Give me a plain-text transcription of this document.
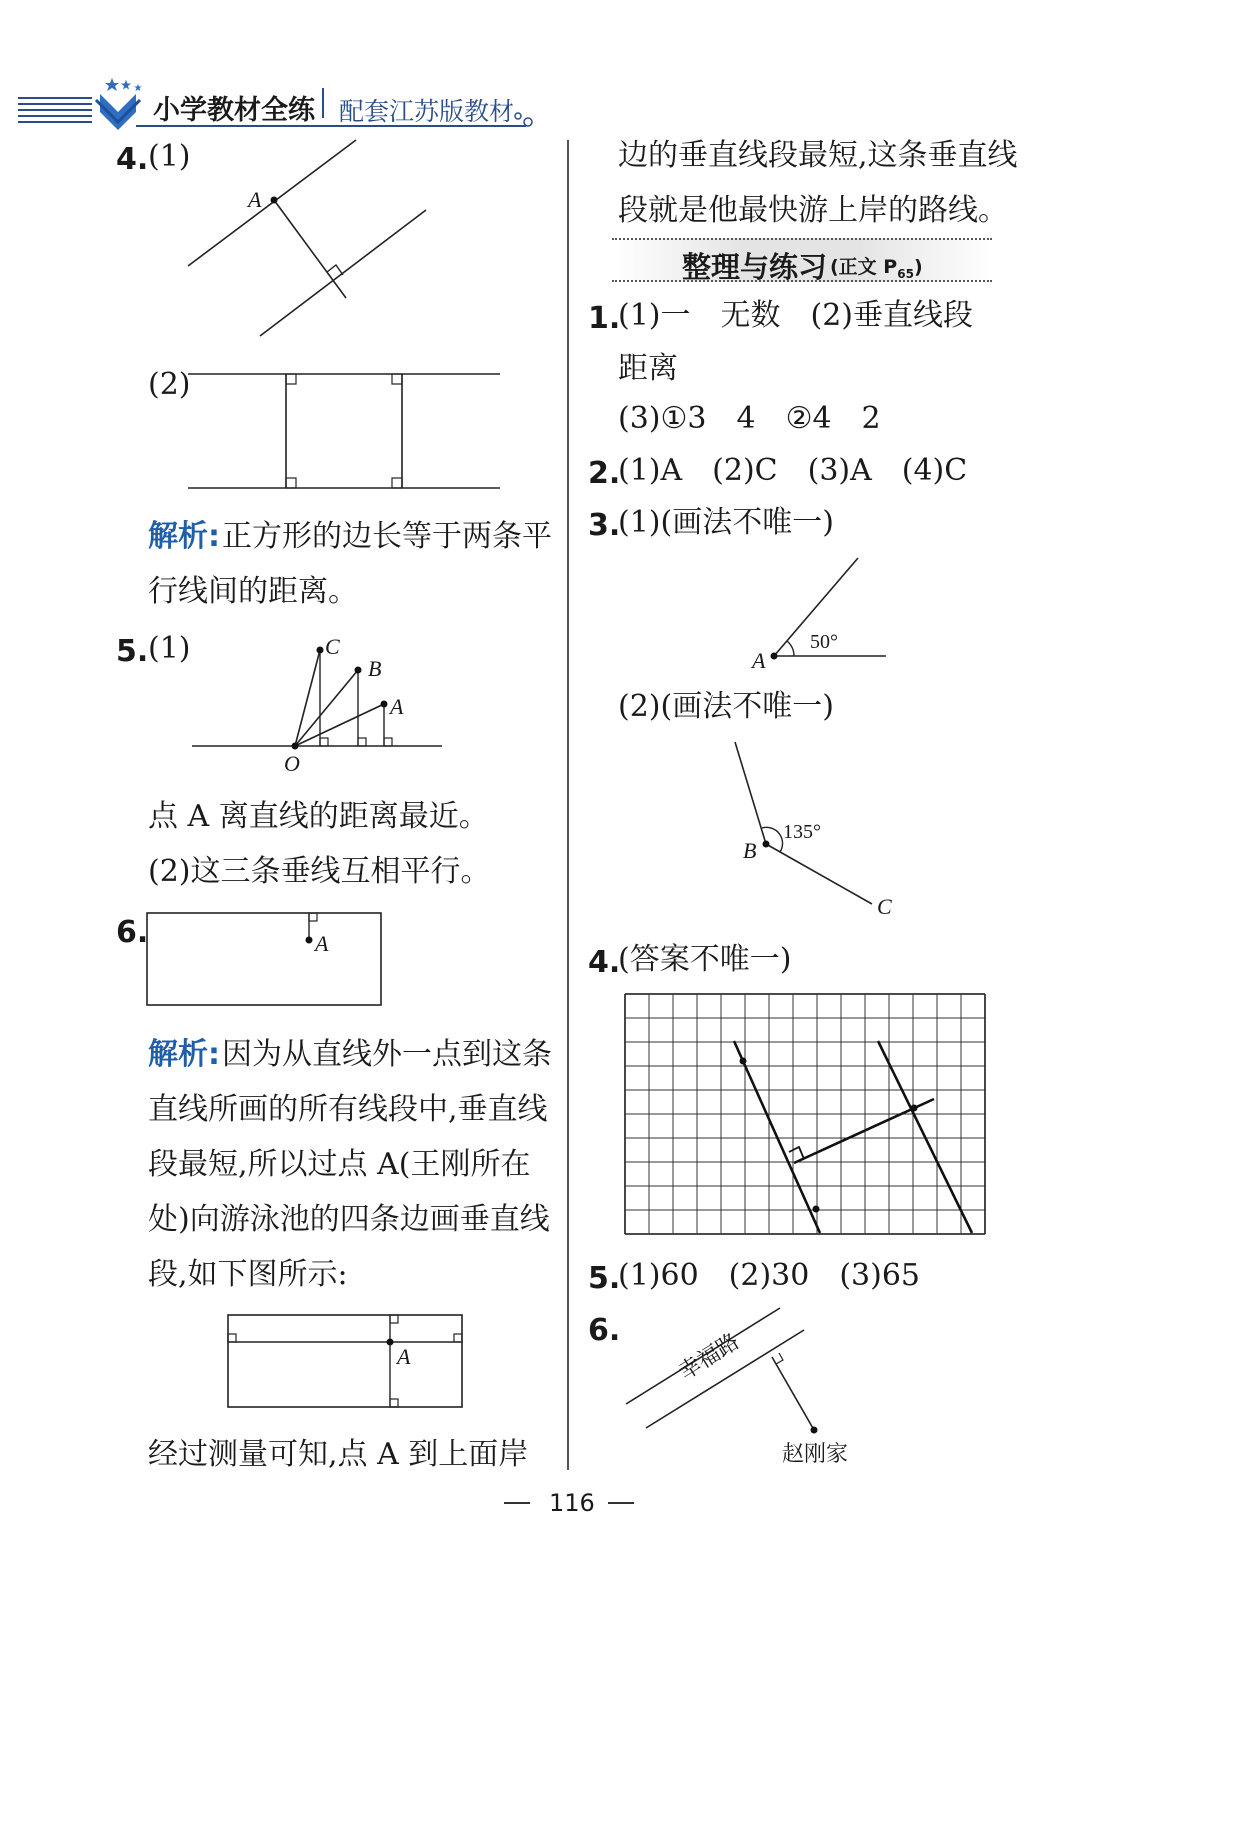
小学教材全练 配套江苏版教材
4. (1)
A
(2)
解析: 正方形的边长等于两条平
行线间的距离。
5. (1)	C
B
A
O
点 A 离直线的距离最近。
(2)这三条垂线互相平行。
6.	A
解析: 因为从直线外一点到这条
直线所画的所有线段中,垂直线
段最短,所以过点 A(王刚所在
处)向游泳池的四条边画垂直线
段,如下图所示:
A
经过测量可知,点 A 到上面岸
边的垂直线段最短,这条垂直线
段就是他最快游上岸的路线。
整理与练习 (正文 $P_{65}$)
1.
(1)一　无数　(2)垂直线段
距离
(3)①3　4　②4　2
2.
(1)A　(2)C　(3)A　(4)C
3.
(1)(画法不唯一)
50°
A
(2)(画法不唯一)
135°
B
C
4.
(答案不唯一)
5.
(1)60　(2)30　(3)65
6. 幸福路
赵刚家
116
